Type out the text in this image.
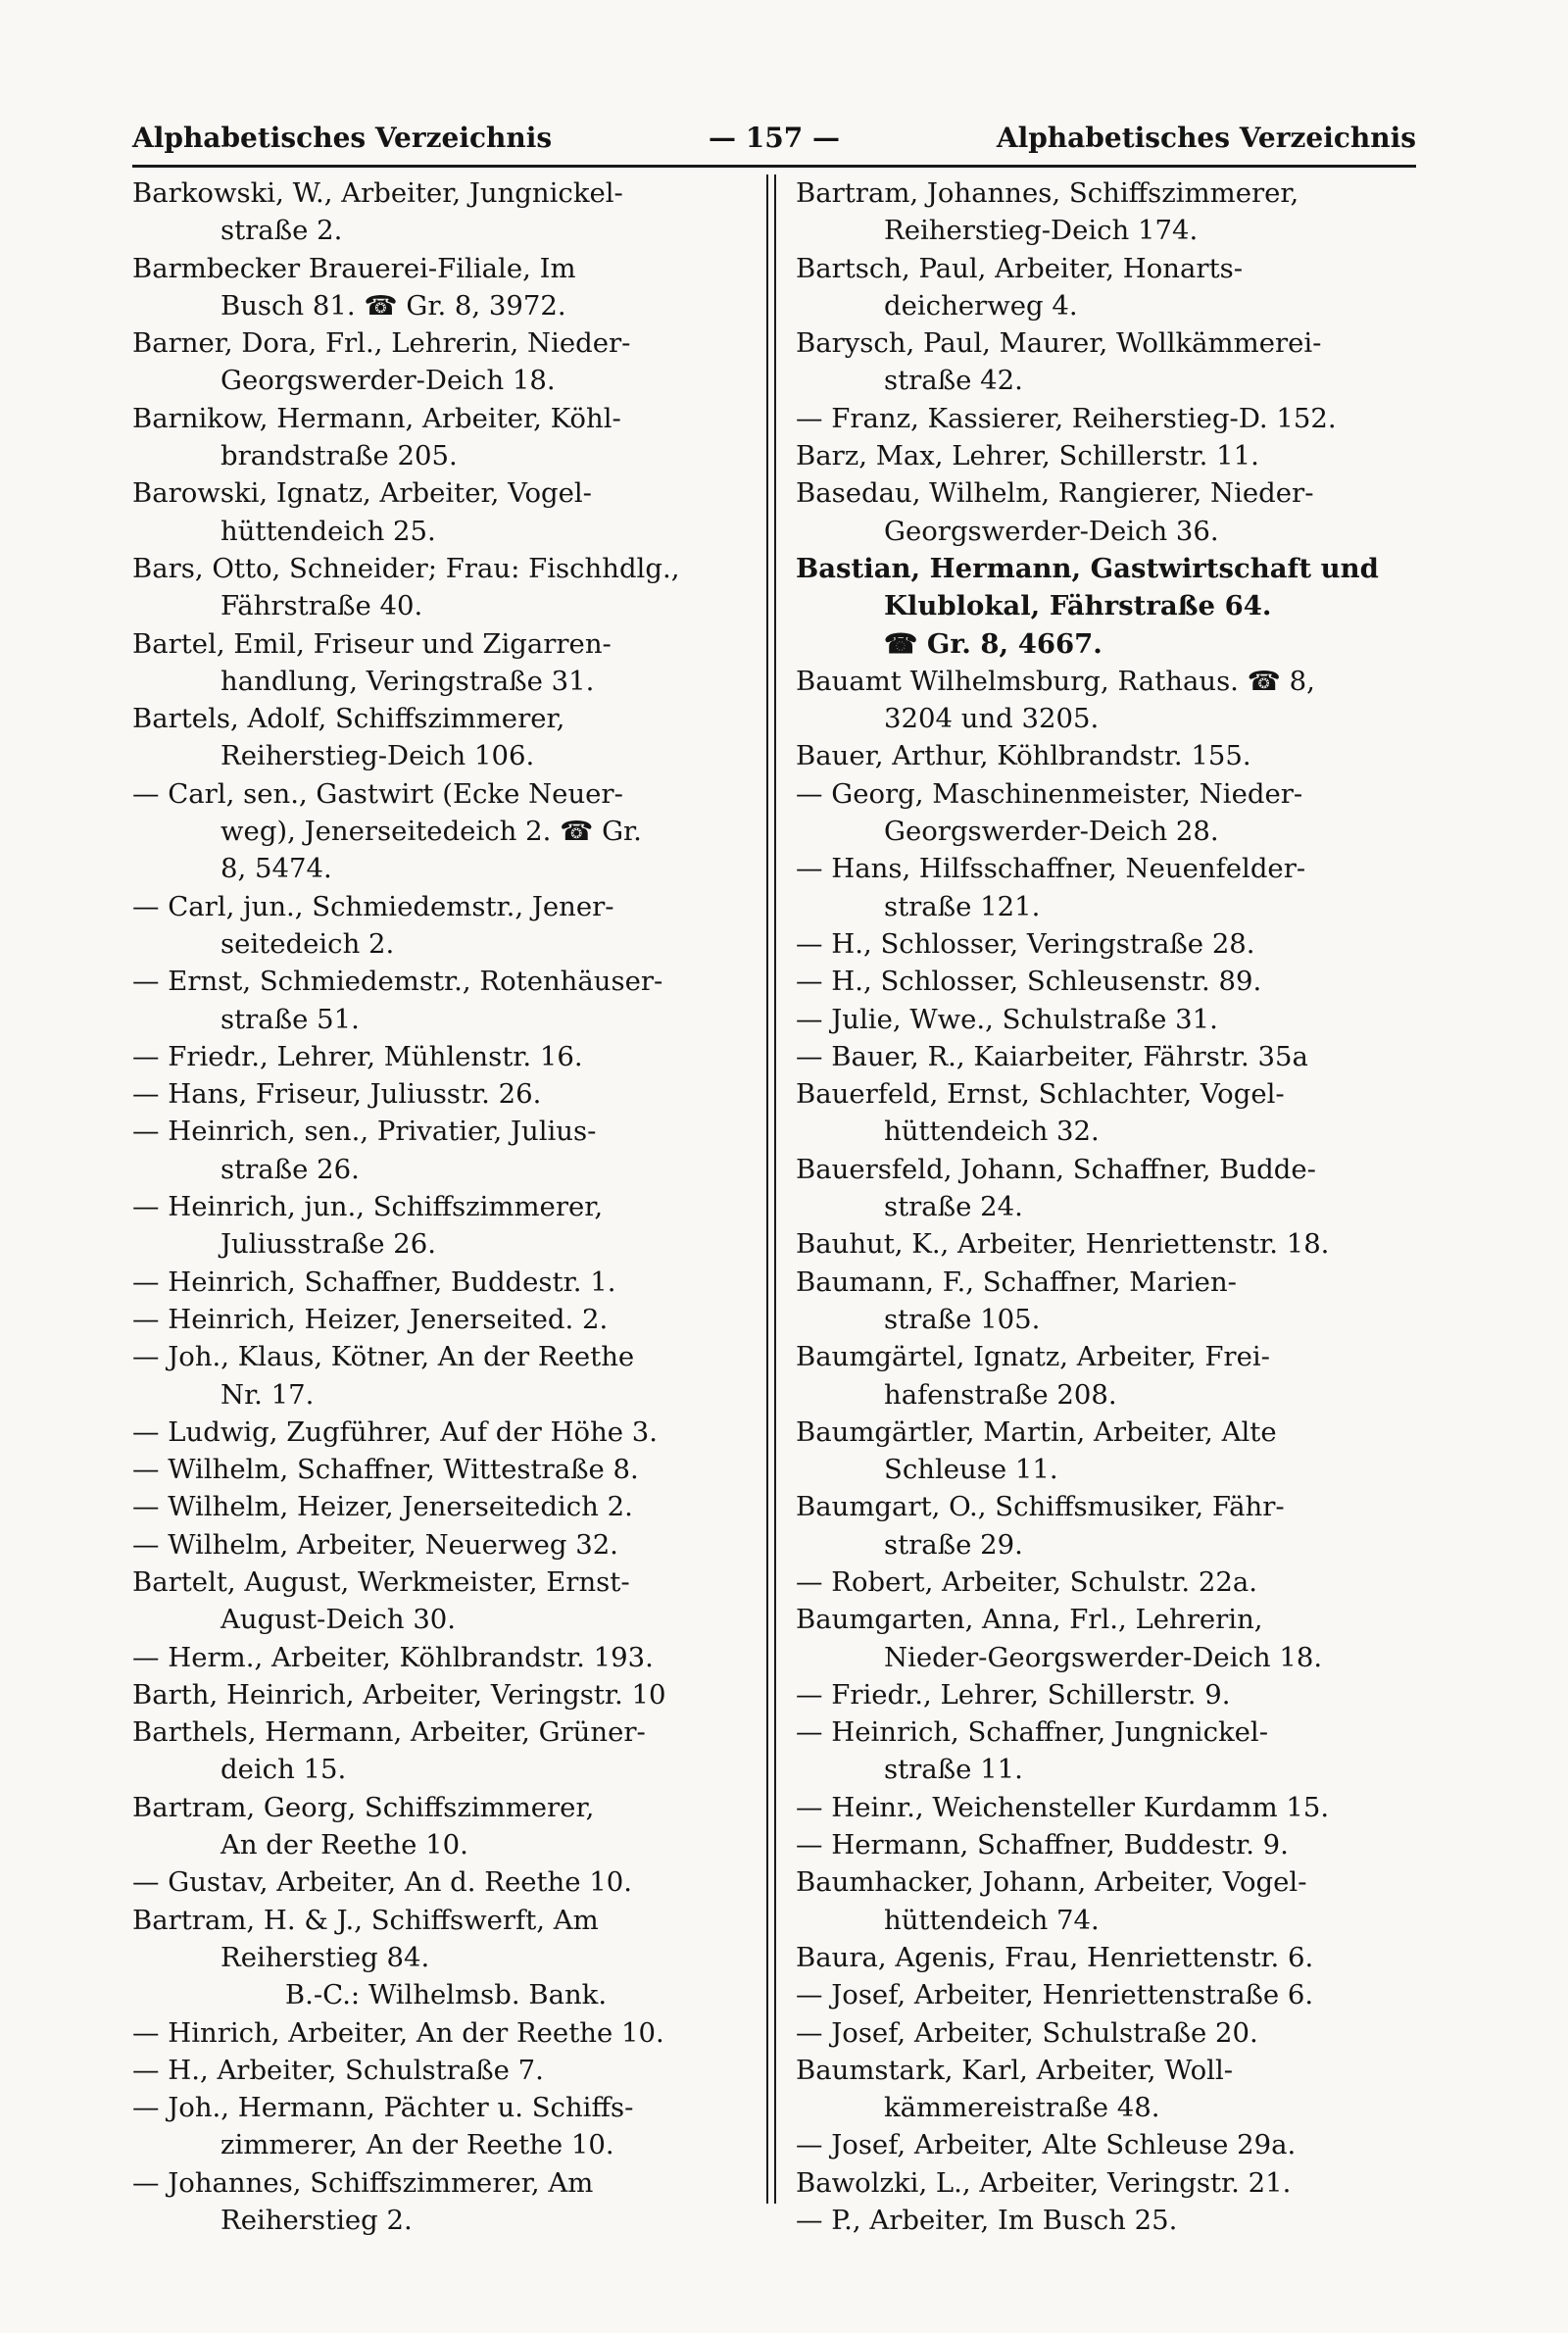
Alphabetisches Verzeichnis	— 157 —	Alphabetisches Verzeichnis
Barkowski, W., Arbeiter, Jungnickel-
straße 2.
Barmbecker Brauerei-Filiale, Im
Busch 81. ☎ Gr. 8, 3972.
Barner, Dora, Frl., Lehrerin, Nieder-
Georgswerder-Deich 18.
Barnikow, Hermann, Arbeiter, Köhl-
brandstraße 205.
Barowski, Ignatz, Arbeiter, Vogel-
hüttendeich 25.
Bars, Otto, Schneider; Frau: Fischhdlg.,
Fährstraße 40.
Bartel, Emil, Friseur und Zigarren-
handlung, Veringstraße 31.
Bartels, Adolf, Schiffszimmerer,
Reiherstieg-Deich 106.
— Carl, sen., Gastwirt (Ecke Neuer-
weg), Jenerseitedeich 2. ☎ Gr.
8, 5474.
— Carl, jun., Schmiedemstr., Jener-
seitedeich 2.
— Ernst, Schmiedemstr., Rotenhäuser-
straße 51.
— Friedr., Lehrer, Mühlenstr. 16.
— Hans, Friseur, Juliusstr. 26.
— Heinrich, sen., Privatier, Julius-
straße 26.
— Heinrich, jun., Schiffszimmerer,
Juliusstraße 26.
— Heinrich, Schaffner, Buddestr. 1.
— Heinrich, Heizer, Jenerseited. 2.
— Joh., Klaus, Kötner, An der Reethe
Nr. 17.
— Ludwig, Zugführer, Auf der Höhe 3.
— Wilhelm, Schaffner, Wittestraße 8.
— Wilhelm, Heizer, Jenerseitedich 2.
— Wilhelm, Arbeiter, Neuerweg 32.
Bartelt, August, Werkmeister, Ernst-
August-Deich 30.
— Herm., Arbeiter, Köhlbrandstr. 193.
Barth, Heinrich, Arbeiter, Veringstr. 10
Barthels, Hermann, Arbeiter, Grüner-
deich 15.
Bartram, Georg, Schiffszimmerer,
An der Reethe 10.
— Gustav, Arbeiter, An d. Reethe 10.
Bartram, H. & J., Schiffswerft, Am
Reiherstieg 84.
B.-C.: Wilhelmsb. Bank.
— Hinrich, Arbeiter, An der Reethe 10.
— H., Arbeiter, Schulstraße 7.
— Joh., Hermann, Pächter u. Schiffs-
zimmerer, An der Reethe 10.
— Johannes, Schiffszimmerer, Am
Reiherstieg 2.
Bartram, Johannes, Schiffszimmerer,
Reiherstieg-Deich 174.
Bartsch, Paul, Arbeiter, Honarts-
deicherweg 4.
Barysch, Paul, Maurer, Wollkämmerei-
straße 42.
— Franz, Kassierer, Reiherstieg-D. 152.
Barz, Max, Lehrer, Schillerstr. 11.
Basedau, Wilhelm, Rangierer, Nieder-
Georgswerder-Deich 36.
Bastian, Hermann, Gastwirtschaft und
Klublokal, Fährstraße 64.
☎ Gr. 8, 4667.
Bauamt Wilhelmsburg, Rathaus. ☎ 8,
3204 und 3205.
Bauer, Arthur, Köhlbrandstr. 155.
— Georg, Maschinenmeister, Nieder-
Georgswerder-Deich 28.
— Hans, Hilfsschaffner, Neuenfelder-
straße 121.
— H., Schlosser, Veringstraße 28.
— H., Schlosser, Schleusenstr. 89.
— Julie, Wwe., Schulstraße 31.
— Bauer, R., Kaiarbeiter, Fährstr. 35a
Bauerfeld, Ernst, Schlachter, Vogel-
hüttendeich 32.
Bauersfeld, Johann, Schaffner, Budde-
straße 24.
Bauhut, K., Arbeiter, Henriettenstr. 18.
Baumann, F., Schaffner, Marien-
straße 105.
Baumgärtel, Ignatz, Arbeiter, Frei-
hafenstraße 208.
Baumgärtler, Martin, Arbeiter, Alte
Schleuse 11.
Baumgart, O., Schiffsmusiker, Fähr-
straße 29.
— Robert, Arbeiter, Schulstr. 22a.
Baumgarten, Anna, Frl., Lehrerin,
Nieder-Georgswerder-Deich 18.
— Friedr., Lehrer, Schillerstr. 9.
— Heinrich, Schaffner, Jungnickel-
straße 11.
— Heinr., Weichensteller Kurdamm 15.
— Hermann, Schaffner, Buddestr. 9.
Baumhacker, Johann, Arbeiter, Vogel-
hüttendeich 74.
Baura, Agenis, Frau, Henriettenstr. 6.
— Josef, Arbeiter, Henriettenstraße 6.
— Josef, Arbeiter, Schulstraße 20.
Baumstark, Karl, Arbeiter, Woll-
kämmereistraße 48.
— Josef, Arbeiter, Alte Schleuse 29a.
Bawolzki, L., Arbeiter, Veringstr. 21.
— P., Arbeiter, Im Busch 25.
